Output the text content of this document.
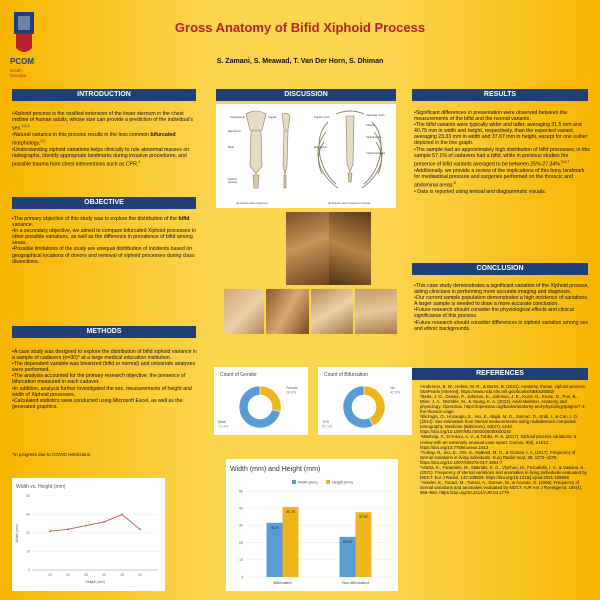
PCOM
South
Georgia
Gross Anatomy of Bifid Xiphoid Process
S. Zamani, S. Meawad, T. Van Der Horn, S. Dhiman
INTRODUCTION

•Xiphoid process is the ossified extension of the lower sternum in the chest midline of human adults, whose size can provide a prediction of the individual's sex.$^{1,2,3}$

•Natural variance in this process results in the less common bifurcated morphology.$^{1,2}$

•Understanding xiphoid variations helps clinically to rule abnormal masses on radiographs, identify appropriate landmarks during invasive procedures, and possible trauma from chest interventions such as CPR.$^4$

OBJECTIVE

•The primary objective of this study was to explore the distribution of the bifid variance.

•In a secondary objective, we aimed to compare bifurcated Xiphoid processes to other possible variations, as well as the difference in prevalence of bifid among sexes.

•Possible limitations of the study are unequal distribution of incidents based on geographical locations of donors and removal of xiphoid processes during class dissections.

METHODS

•A case study was designed to explore the distribution of bifid xiphoid variance in a sample of cadavers (n=30)* at a large medical education institution.

•The dependent variable was binarized (bifid or normal) and univariate analyses were performed.

•The analysis accounted for the primary research objective: the presence of bifurcation measured in each cadaver.

•In addition, analysis further investigated the sex, measurements of height and width of Xiphoid processes.

•Calculated statistics were conducted using Microsoft Excel, as well as the generated graphics.

*In progress due to COVID restrictions.
Width vs. Height (mm)
0
10
20
30
40
25	30	35	40	45	50
Height (mm)
Width (mm)
DISCUSSION
Suprasternal	Jugular
Manubrium
Body
Xiphoid
process
(a) Anterior view of sternum
Clavicular notch
Clavicle
Sternal angle
Costal cartilages
Jugular notch
Manubrium
(b) Anterior view of sternum of thorax
Count of Gender
Female
28.6%
Male
71.4%
Count of Bifurcation
No
42.9%
YES
57.1%
Width (mm) and Height (mm)
Width (mm)	Height (mm)
0
10
20
30
40
50
31.5
40.75
Bifurcated
23.33
37.67
Non-Bifurcated
RESULTS

•Significant differences in presentation were observed between the measurements of the bifid and the normal variants.

•The bifid variants were typically wider and taller, averaging 31.5 mm and 40.75 mm in width and height, respectively, than the expected variant, averaging 23.33 mm in width and 37.67 mm in height, except for one outlier depicted in the line graph.

•The sample had an approximately high distribution of bifid processes; in this sample 57.1% of cadavers had a bifid, while in previous studies the presence of bifid variants averaged to be between 25%-27.34%.$^{5,6,7}$

•Additionally, we provide a review of the implications of this bony landmark for mediastinal pressure and surgeries performed on the thoracic and abdominal areas.$^8$

• Data is reported using textual and diagrammatic visuals.

CONCLUSION

•This case study demonstrates a significant variation of the Xiphoid process, aiding clinicians in performing more accurate imaging and diagnosis.

•Our current sample population demonstrates a high incidence of variations. A larger sample is needed to draw a more accurate conclusion.

•Future research should consider the physiological effects and clinical significance of this process.

•Future research should consider differences in xiphoid variation among sex and ethnic backgrounds.

REFERENCES

¹Anderson, B. W., Holme, M. R., & Burns, B. (2021). Anatomy, thorax, xiphoid process. StatPearls [Internet]. https://www.ncbi.nlm.nih.gov/books/NBK526082/

²Betts, J. G., Desaix, P., Johnson, E., Johnson, J. E., Korol, O., Kruse, D., Poe, B., Wise, J. A., Womble, M., & Young, K. A. (2013). Axial skeleton. Anatomy and physiology. OpenStax. https://openstax.org/books/anatomy-and-physiology/pages/7-4-the-thoracic-cage

³Ekizoglu, O., Hocaoglu, E., Inci, E., Bilgili, M. G., Solmaz, D., Erdil, I., & Can, I. O. (2014). Sex estimation from sternal measurements using multidetector computed tomography. Medicine (Baltimore), 93(27), e240. https://doi.org/10.1097/MD.0000000000000240

⁴Mashriqi, F., D'Antoni, A. V., & Tubbs, R. S. (2017). Xiphoid process variations: a review with an extremely unusual case report. Cureus, 9(8), e1613. https://doi.org/10.7759/cureus.1613

⁵Turkay, R., Inci, E., Ors, S., Nalbant, M. O., & Gurses, I. A. (2017). Frequency of sternal variations in living individuals. Surg Radiol Anat, 39, 1273–1278. https://doi.org/10.1007/s00276-017-1854-7

⁶Vatzia, K., Fanariotis, M., Makridis, K. G., Vlychou, M., Fezoulidis, I. V., & Vassiou, K. (2021). Frequency of sternal variations and anomalies in living individuals evaluated by MDCT. Eur J Radiol, 142:109828. https://doi.org/10.1016/j.ejrad.2021.109828

⁷Yekeler, E., Tunaci, M., Tunaci, A., Dursun, M., & Acunas, G. (2006). Frequency of sternal variations and anomalies evaluated by MDCT. AJR Am J Roentgenol, 186(4), 956–960. https://doi.org/10.2214/AJR.04.1779
